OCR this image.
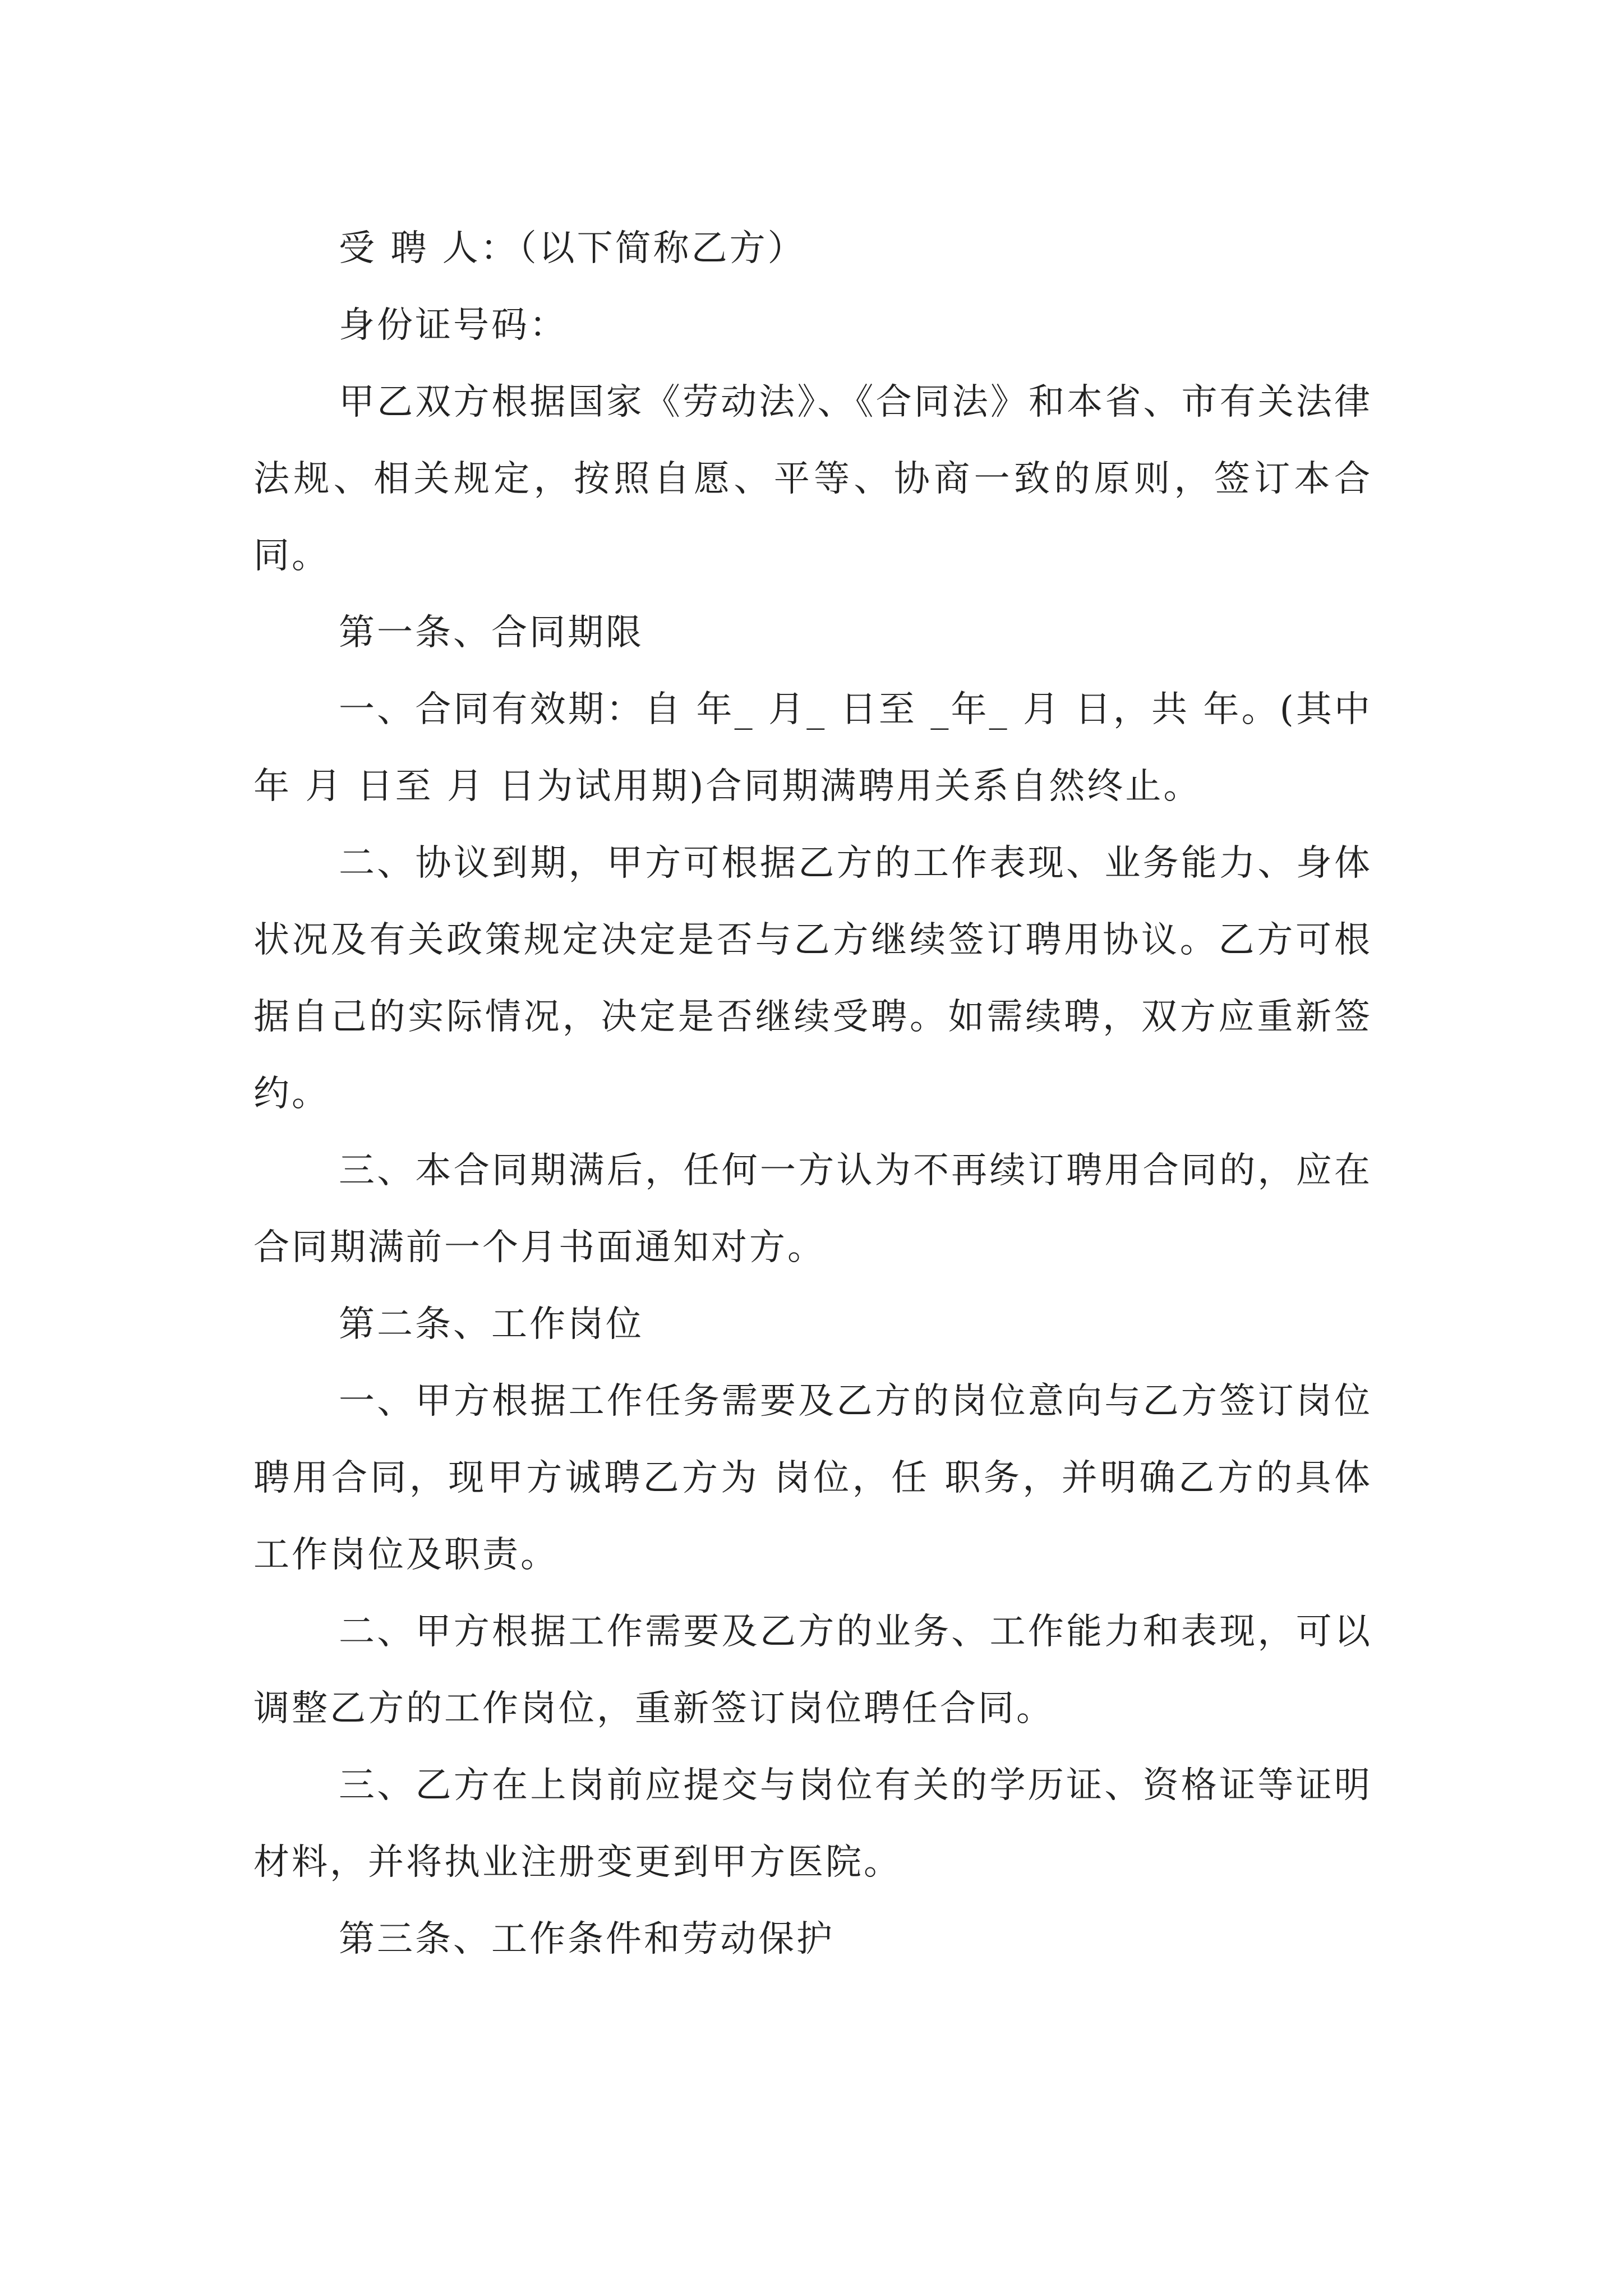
受 聘 人：（以下简称乙方）

身份证号码：

甲乙双方根据国家《劳动法》、《合同法》和本省、市有关法律法规、相关规定，按照自愿、平等、协商一致的原则，签订本合同。

第一条、合同期限

一、合同有效期：自 年_ 月_ 日至 _年_ 月 日，共 年。(其中 年 月 日至 月 日为试用期)合同期满聘用关系自然终止。

二、协议到期，甲方可根据乙方的工作表现、业务能力、身体状况及有关政策规定决定是否与乙方继续签订聘用协议。乙方可根据自己的实际情况，决定是否继续受聘。如需续聘，双方应重新签约。

三、本合同期满后，任何一方认为不再续订聘用合同的，应在合同期满前一个月书面通知对方。

第二条、工作岗位

一、甲方根据工作任务需要及乙方的岗位意向与乙方签订岗位聘用合同，现甲方诚聘乙方为 岗位，任 职务，并明确乙方的具体工作岗位及职责。

二、甲方根据工作需要及乙方的业务、工作能力和表现，可以调整乙方的工作岗位，重新签订岗位聘任合同。

三、乙方在上岗前应提交与岗位有关的学历证、资格证等证明材料，并将执业注册变更到甲方医院。

第三条、工作条件和劳动保护
